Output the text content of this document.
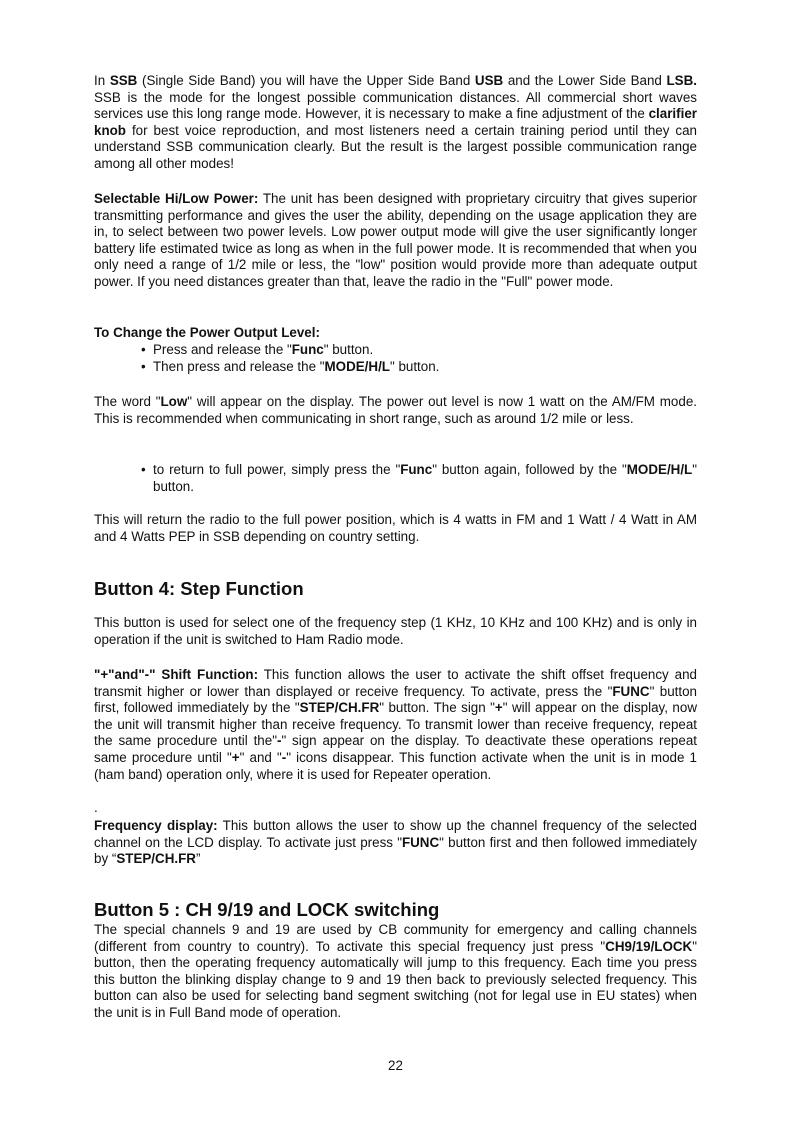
In SSB (Single Side Band) you will have the Upper Side Band USB and the Lower Side Band LSB. SSB is the mode for the longest possible communication distances. All commercial short waves services use this long range mode. However, it is necessary to make a fine adjustment of the clarifier knob for best voice reproduction, and most listeners need a certain training period until they can understand SSB communication clearly. But the result is the largest possible communication range among all other modes!

Selectable Hi/Low Power: The unit has been designed with proprietary circuitry that gives superior transmitting performance and gives the user the ability, depending on the usage application they are in, to select between two power levels. Low power output mode will give the user significantly longer battery life estimated twice as long as when in the full power mode. It is recommended that when you only need a range of 1/2 mile or less, the "low" position would provide more than adequate output power. If you need distances greater than that, leave the radio in the "Full" power mode.

To Change the Power Output Level:

• Press and release the "Func" button.
• Then press and release the "MODE/H/L" button.

The word "Low" will appear on the display. The power out level is now 1 watt on the AM/FM mode. This is recommended when communicating in short range, such as around 1/2 mile or less.

• to return to full power, simply press the "Func" button again, followed by the "MODE/H/L" button.

This will return the radio to the full power position, which is 4 watts in FM and 1 Watt / 4 Watt in AM and 4 Watts PEP in SSB depending on country setting.

Button 4: Step Function

This button is used for select one of the frequency step (1 KHz, 10 KHz and 100 KHz) and is only in operation if the unit is switched to Ham Radio mode.

"+"and"-" Shift Function: This function allows the user to activate the shift offset frequency and transmit higher or lower than displayed or receive frequency. To activate, press the "FUNC" button first, followed immediately by the "STEP/CH.FR" button. The sign "+" will appear on the display, now the unit will transmit higher than receive frequency. To transmit lower than receive frequency, repeat the same procedure until the"-" sign appear on the display. To deactivate these operations repeat same procedure until "+" and "-" icons disappear. This function activate when the unit is in mode 1 (ham band) operation only, where it is used for Repeater operation.

.

Frequency display: This button allows the user to show up the channel frequency of the selected channel on the LCD display. To activate just press "FUNC" button first and then followed immediately by “STEP/CH.FR”

Button 5 : CH 9/19 and LOCK switching

The special channels 9 and 19 are used by CB community for emergency and calling channels (different from country to country). To activate this special frequency just press "CH9/19/LOCK" button, then the operating frequency automatically will jump to this frequency. Each time you press this button the blinking display change to 9 and 19 then back to previously selected frequency. This button can also be used for selecting band segment switching (not for legal use in EU states) when the unit is in Full Band mode of operation.

22
